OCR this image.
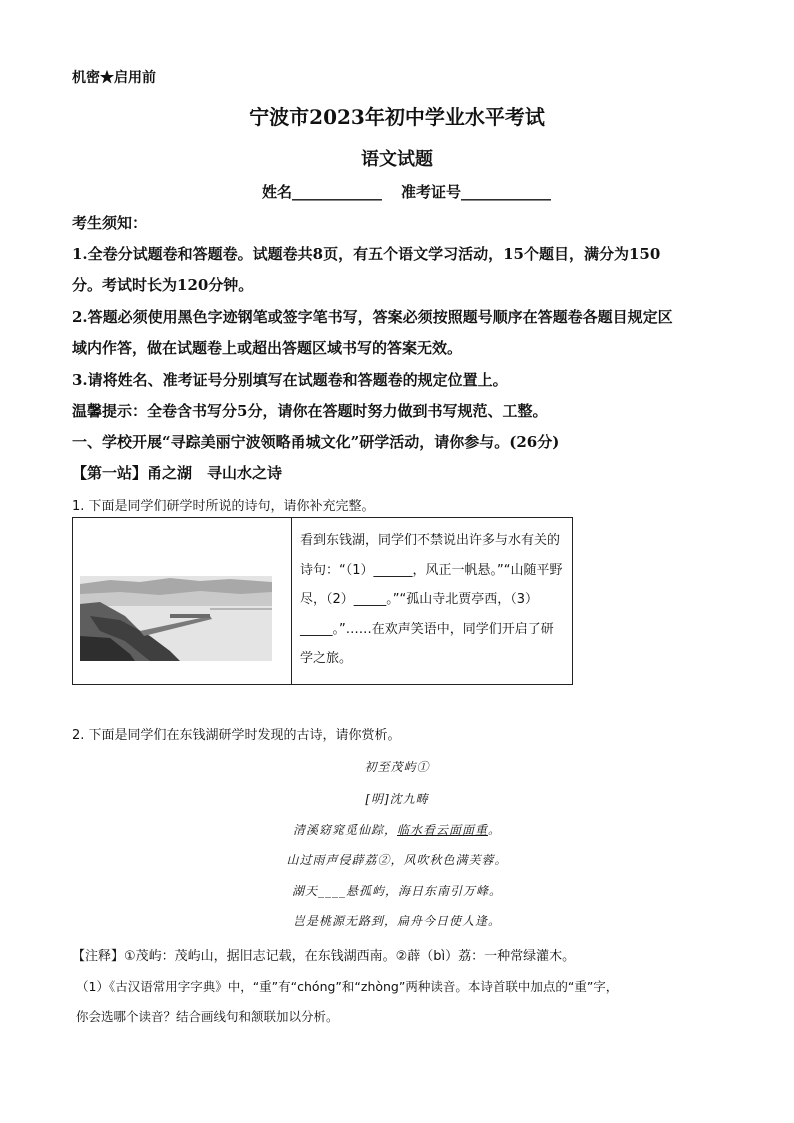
机密★启用前
宁波市2023年初中学业水平考试
语文试题
姓名____________ 准考证号____________
考生须知：
1.全卷分试题卷和答题卷。试题卷共8页，有五个语文学习活动，15个题目，满分为150
分。考试时长为120分钟。
2.答题必须使用黑色字迹钢笔或签字笔书写，答案必须按照题号顺序在答题卷各题目规定区
域内作答，做在试题卷上或超出答题区域书写的答案无效。
3.请将姓名、准考证号分别填写在试题卷和答题卷的规定位置上。
温馨提示：全卷含书写分5分，请你在答题时努力做到书写规范、工整。
一、学校开展“寻踪美丽宁波领略甬城文化”研学活动，请你参与。(26分)
【第一站】甬之湖　寻山水之诗
1. 下面是同学们研学时所说的诗句，请你补充完整。

看到东钱湖，同学们不禁说出许多与水有关的诗句：“（1）______，风正一帆悬。”“山随平野尽，（2）_____。”“孤山寺北贾亭西，（3）_____。”……在欢声笑语中，同学们开启了研学之旅。
2. 下面是同学们在东钱湖研学时发现的古诗，请你赏析。
初至茂屿①
[明]沈九畴
清溪窈窕觅仙踪，临水看云面面重。
山过雨声侵薜荔②，风吹秋色满芙蓉。
湖天____悬孤屿，海日东南引万峰。
岂是桃源无路到，扁舟今日使人逢。
【注释】①茂屿：茂屿山，据旧志记载，在东钱湖西南。②薜（bì）荔：一种常绿灌木。
（1）《古汉语常用字字典》中，“重”有“chóng”和“zhòng”两种读音。本诗首联中加点的“重”字，
你会选哪个读音？结合画线句和颔联加以分析。
